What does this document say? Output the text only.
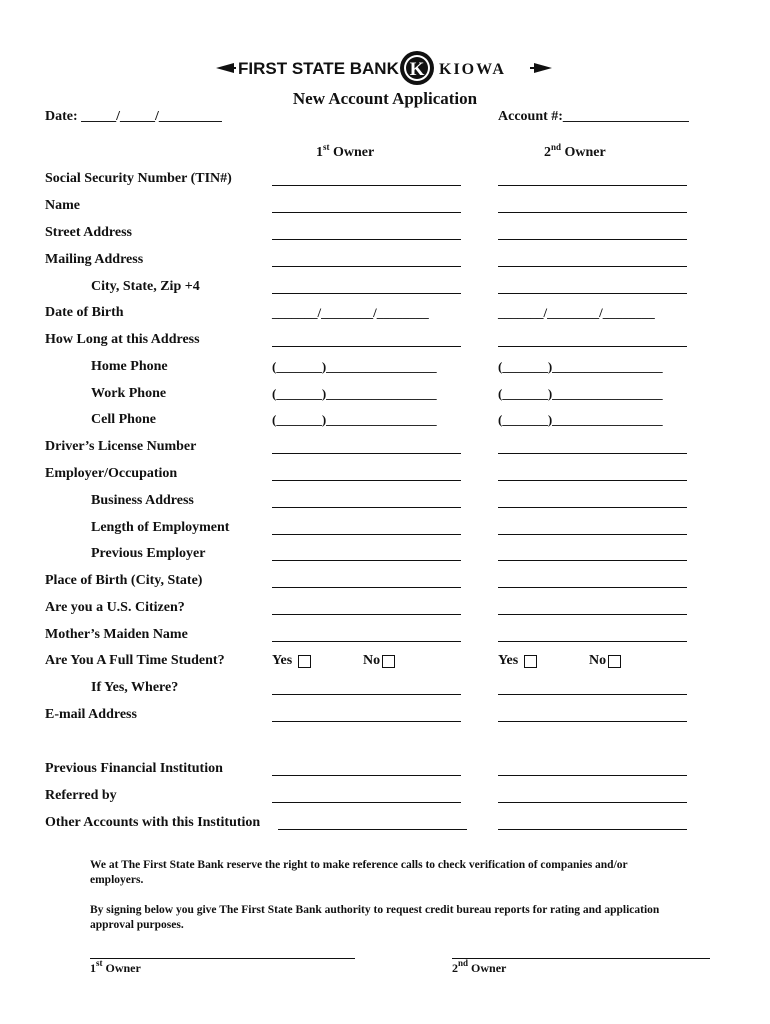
FIRST STATE BANK K KIOWA
New Account Application
Date: _____/_____/_________	Account #:__________________
1st Owner	2nd Owner
Social Security Number (TIN#)
Name
Street Address
Mailing Address
City, State, Zip +4
Date of Birth	_______/________/________	_______/________/________
How Long at this Address
Home Phone	(_______)_________________	(_______)_________________
Work Phone	(_______)_________________	(_______)_________________
Cell Phone	(_______)_________________	(_______)_________________
Driver’s License Number
Employer/Occupation
Business Address
Length of Employment
Previous Employer
Place of Birth (City, State)
Are you a U.S. Citizen?
Mother’s Maiden Name
Are You A Full Time Student?	Yes	No	Yes	No
If Yes, Where?
E-mail Address
Previous Financial Institution
Referred by
Other Accounts with this Institution
We at The First State Bank reserve the right to make reference calls to check verification of companies and/or employers.
By signing below you give The First State Bank authority to request credit bureau reports for rating and application approval purposes.
1st Owner	2nd Owner
